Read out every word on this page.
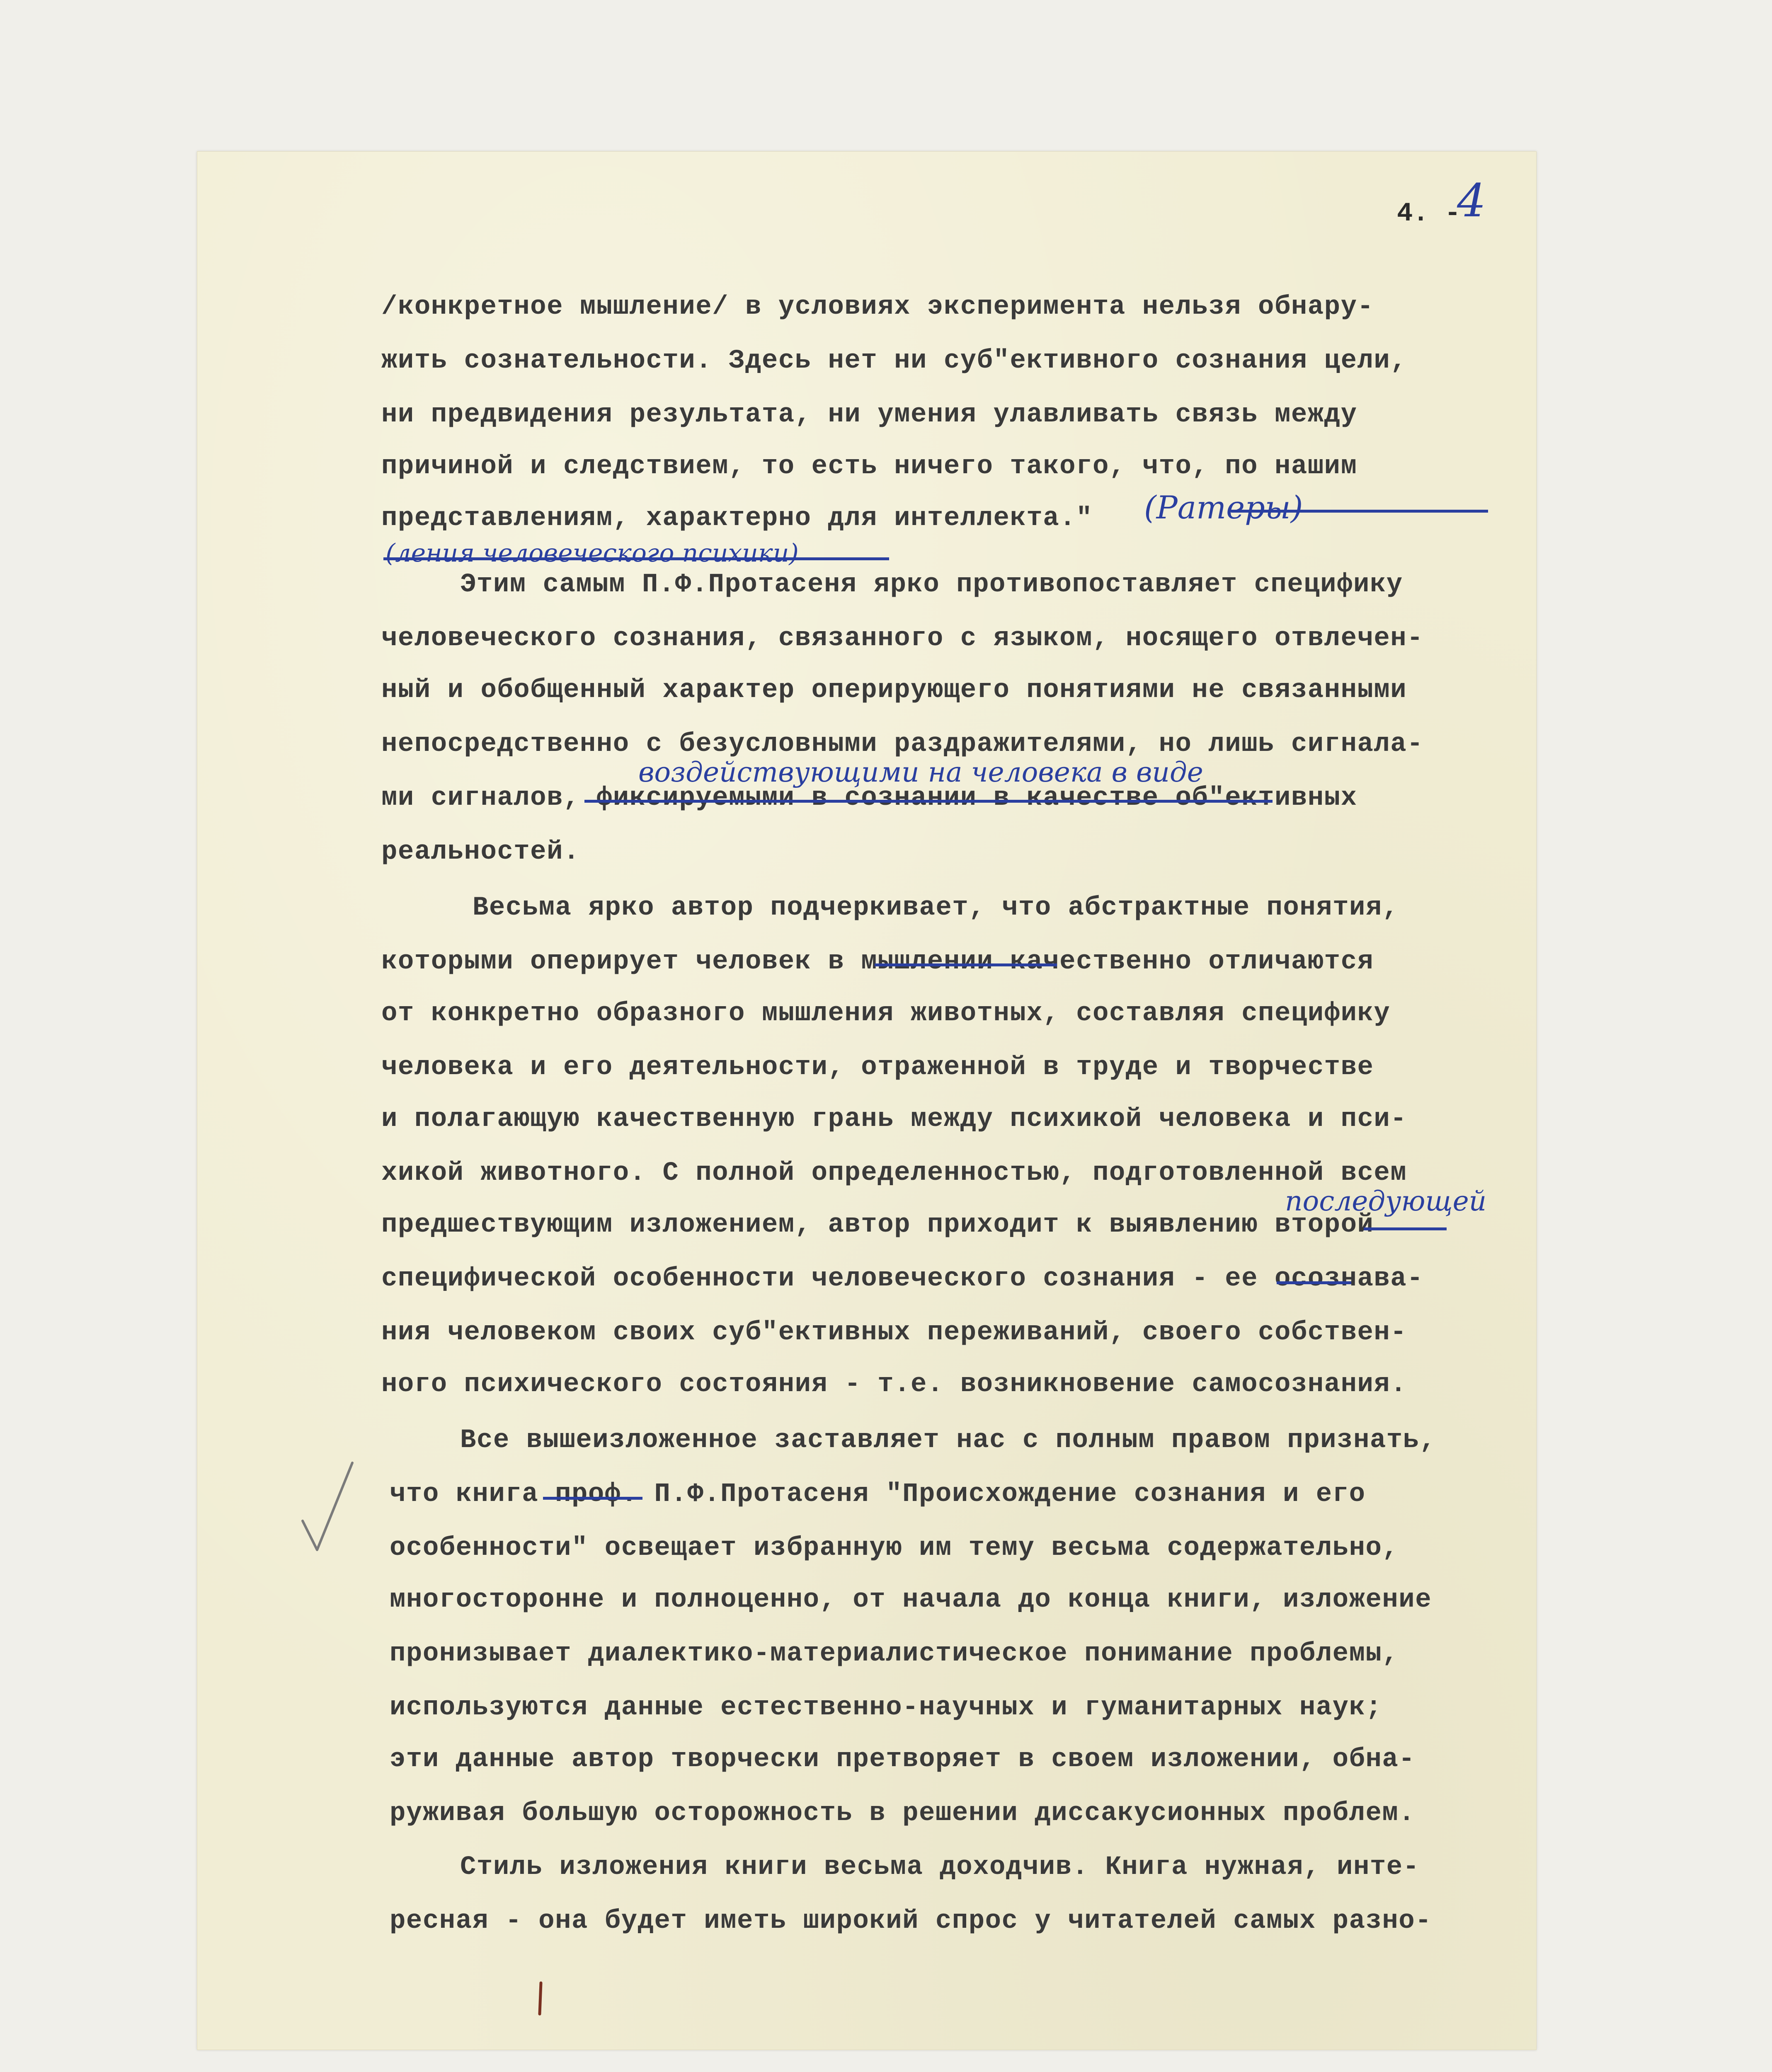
4. -
4
/конкретное мышление/ в условиях эксперимента нельзя обнару-
жить сознательности. Здесь нет ни суб"ективного сознания цели,
ни предвидения результата, ни умения улавливать связь между
причиной и следствием, то есть ничего такого, что, по нашим
представлениям, характерно для интеллекта." (Ратеры)
(ления человеческого психики)
Этим самым П.Ф.Протасеня ярко противопоставляет специфику
человеческого сознания, связанного с языком, носящего отвлечен-
ный и обобщенный характер оперирующего понятиями не связанными
непосредственно с безусловными раздражителями, но лишь сигнала-
воздействующими на человека в виде
ми сигналов, фиксируемыми в сознании в качестве об"ективных
реальностей.
Весьма ярко автор подчеркивает, что абстрактные понятия,
которыми оперирует человек в мышлении качественно отличаются
от конкретно образного мышления животных, составляя специфику
человека и его деятельности, отраженной в труде и творчестве
и полагающую качественную грань между психикой человека и пси-
хикой животного. С полной определенностью, подготовленной всем
последующей
предшествующим изложением, автор приходит к выявлению второй
специфической особенности человеческого сознания - ее осознава-
ния человеком своих суб"ективных переживаний, своего собствен-
ного психического состояния - т.е. возникновение самосознания.
Все вышеизложенное заставляет нас с полным правом признать,
что книга проф. П.Ф.Протасеня "Происхождение сознания и его
особенности" освещает избранную им тему весьма содержательно,
многосторонне и полноценно, от начала до конца книги, изложение
пронизывает диалектико-материалистическое понимание проблемы,
используются данные естественно-научных и гуманитарных наук;
эти данные автор творчески претворяет в своем изложении, обна-
руживая большую осторожность в решении диссакусионных проблем.
Стиль изложения книги весьма доходчив. Книга нужная, инте-
ресная - она будет иметь широкий спрос у читателей самых разно-
